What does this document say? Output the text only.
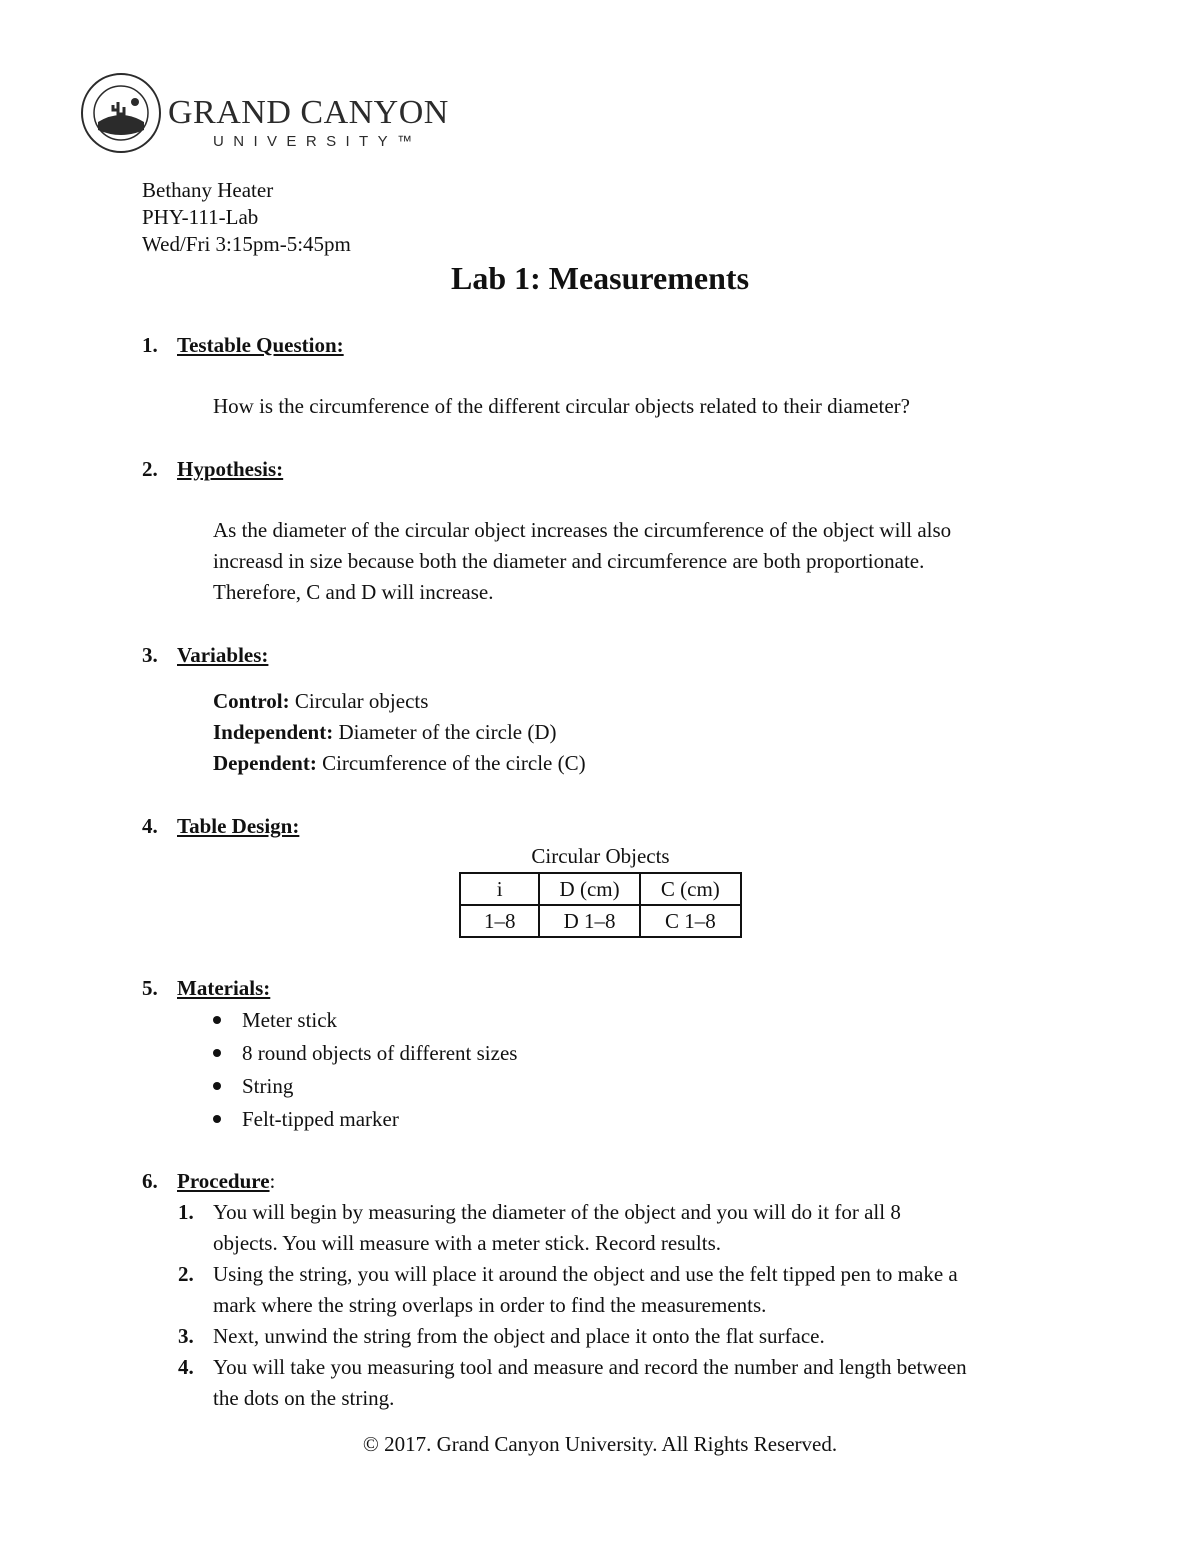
GRAND CANYON
UNIVERSITY™
Bethany Heater
PHY-111-Lab
Wed/Fri 3:15pm-5:45pm
Lab 1: Measurements
1. Testable Question:
How is the circumference of the different circular objects related to their diameter?
2. Hypothesis:
As the diameter of the circular object increases the circumference of the object will also
increasd in size because both the diameter and circumference are both proportionate.
Therefore, C and D will increase.
3. Variables:
Control: Circular objects
Independent: Diameter of the circle (D)
Dependent: Circumference of the circle (C)
4. Table Design:
Circular Objects
i	D (cm)	C (cm)
1–8	D 1–8	C 1–8
5. Materials:
Meter stick
8 round objects of different sizes
String
Felt-tipped marker
6. Procedure:
1. You will begin by measuring the diameter of the object and you will do it for all 8
objects. You will measure with a meter stick. Record results.
2. Using the string, you will place it around the object and use the felt tipped pen to make a
mark where the string overlaps in order to find the measurements.
3. Next, unwind the string from the object and place it onto the flat surface.
4. You will take you measuring tool and measure and record the number and length between
the dots on the string.
© 2017. Grand Canyon University. All Rights Reserved.
